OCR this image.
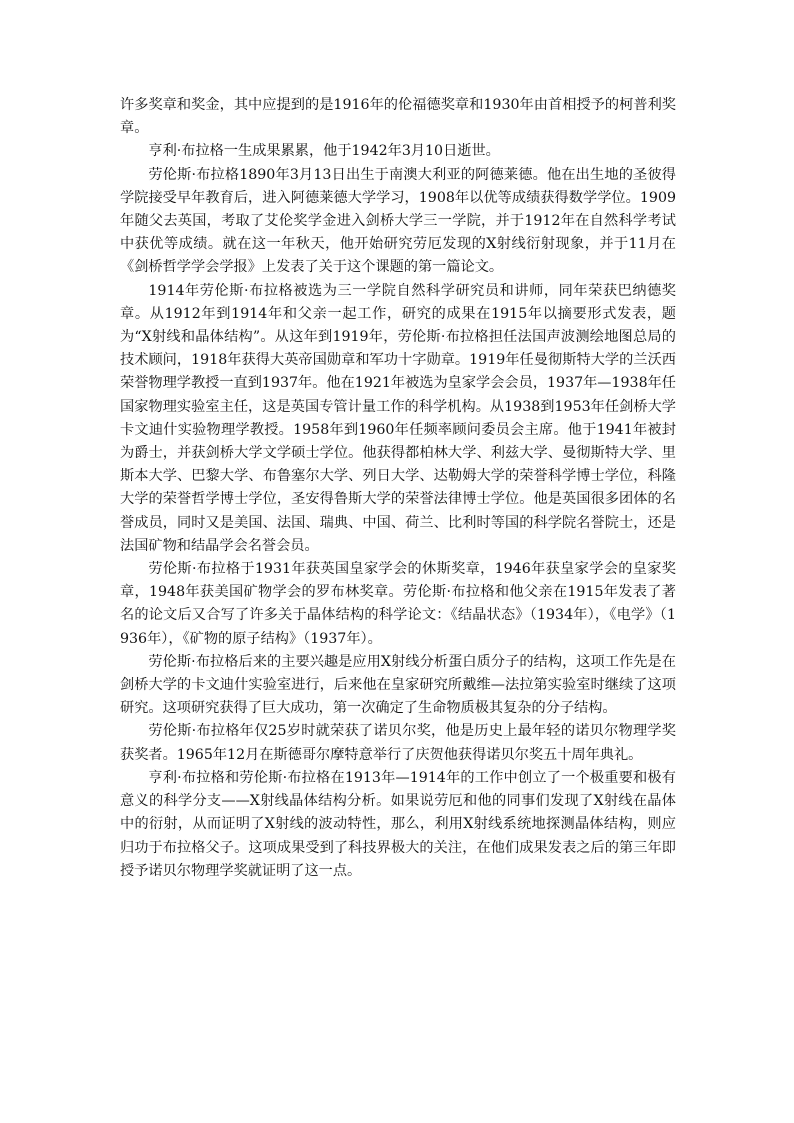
许多奖章和奖金，其中应提到的是1916年的伦福德奖章和1930年由首相授予的柯普利奖章。

亨利·布拉格一生成果累累，他于1942年3月10日逝世。

劳伦斯·布拉格1890年3月13日出生于南澳大利亚的阿德莱德。他在出生地的圣彼得学院接受早年教育后，进入阿德莱德大学学习，1908年以优等成绩获得数学学位。1909年随父去英国，考取了艾伦奖学金进入剑桥大学三一学院，并于1912年在自然科学考试中获优等成绩。就在这一年秋天，他开始研究劳厄发现的X射线衍射现象，并于11月在《剑桥哲学学会学报》上发表了关于这个课题的第一篇论文。

1914年劳伦斯·布拉格被选为三一学院自然科学研究员和讲师，同年荣获巴纳德奖章。从1912年到1914年和父亲一起工作，研究的成果在1915年以摘要形式发表，题为“X射线和晶体结构”。从这年到1919年，劳伦斯·布拉格担任法国声波测绘地图总局的技术顾问，1918年获得大英帝国勋章和军功十字勋章。1919年任曼彻斯特大学的兰沃西荣誉物理学教授一直到1937年。他在1921年被选为皇家学会会员，1937年—1938年任国家物理实验室主任，这是英国专管计量工作的科学机构。从1938到1953年任剑桥大学卡文迪什实验物理学教授。1958年到1960年任频率顾问委员会主席。他于1941年被封为爵士，并获剑桥大学文学硕士学位。他获得都柏林大学、利兹大学、曼彻斯特大学、里斯本大学、巴黎大学、布鲁塞尔大学、列日大学、达勒姆大学的荣誉科学博士学位，科隆大学的荣誉哲学博士学位，圣安得鲁斯大学的荣誉法律博士学位。他是英国很多团体的名誉成员，同时又是美国、法国、瑞典、中国、荷兰、比利时等国的科学院名誉院士，还是法国矿物和结晶学会名誉会员。

劳伦斯·布拉格于1931年获英国皇家学会的休斯奖章，1946年获皇家学会的皇家奖章，1948年获美国矿物学会的罗布林奖章。劳伦斯·布拉格和他父亲在1915年发表了著名的论文后又合写了许多关于晶体结构的科学论文：《结晶状态》（1934年），《电学》（1936年），《矿物的原子结构》（1937年）。

劳伦斯·布拉格后来的主要兴趣是应用X射线分析蛋白质分子的结构，这项工作先是在剑桥大学的卡文迪什实验室进行，后来他在皇家研究所戴维—法拉第实验室时继续了这项研究。这项研究获得了巨大成功，第一次确定了生命物质极其复杂的分子结构。

劳伦斯·布拉格年仅25岁时就荣获了诺贝尔奖，他是历史上最年轻的诺贝尔物理学奖获奖者。1965年12月在斯德哥尔摩特意举行了庆贺他获得诺贝尔奖五十周年典礼。

亨利·布拉格和劳伦斯·布拉格在1913年—1914年的工作中创立了一个极重要和极有意义的科学分支——X射线晶体结构分析。如果说劳厄和他的同事们发现了X射线在晶体中的衍射，从而证明了X射线的波动特性，那么，利用X射线系统地探测晶体结构，则应归功于布拉格父子。这项成果受到了科技界极大的关注，在他们成果发表之后的第三年即授予诺贝尔物理学奖就证明了这一点。
